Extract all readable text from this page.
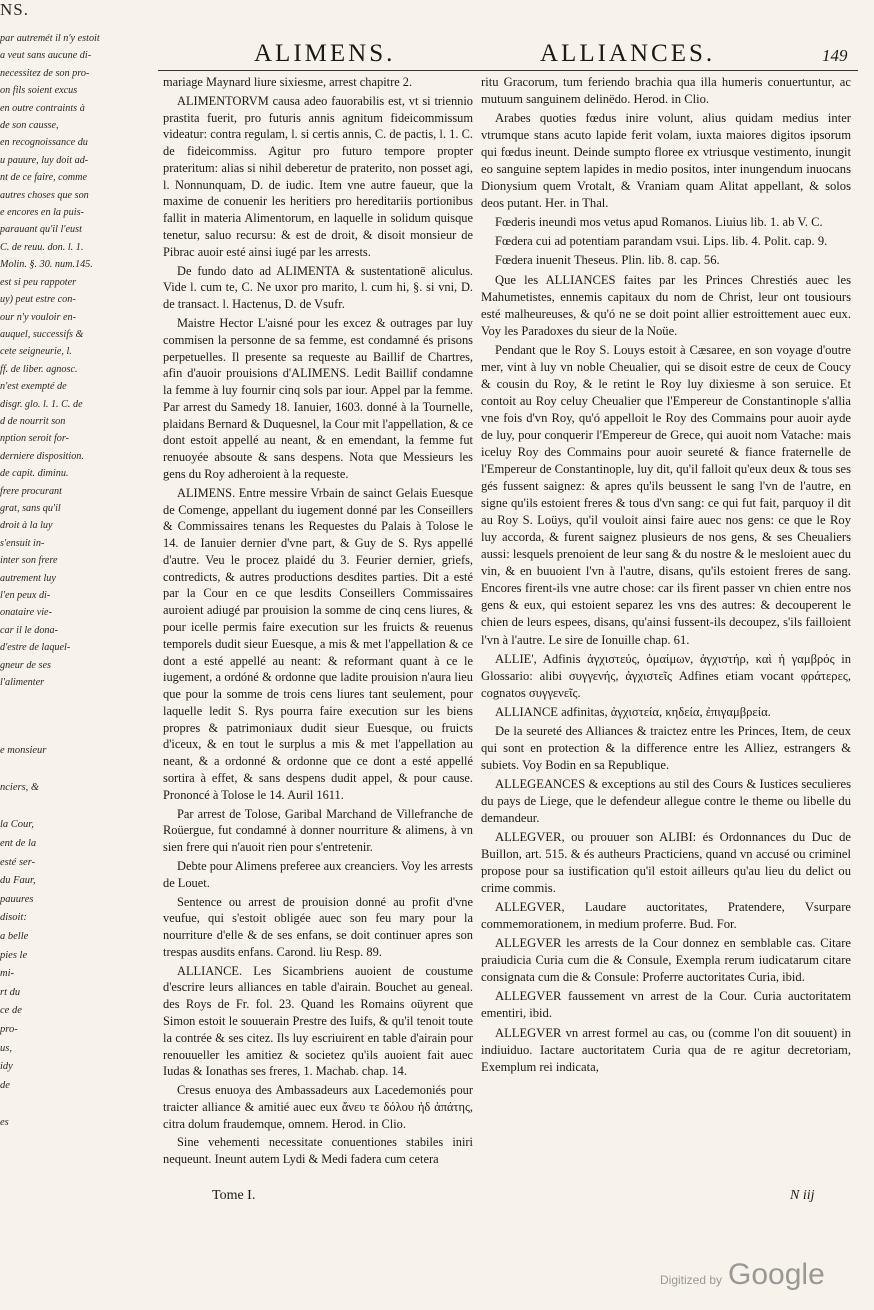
NS.
par autremét il n'y estoit
a veut sans aucune di-
necessitez de son pro-
on fils soient excus
en outre contraints à
de son causse,
en recognoissance du
u pauure, luy doit ad-
nt de ce faire, comme
autres choses que son
e encores en la puis-
parauant qu'il l'eust
C. de reuu. don. l. 1.
Molin. §. 30. num.145.
est si peu rappoter
uy) peut estre con-
our n'y vouloir en-
auquel, successifs &
cete seigneurie, l.
ff. de liber. agnosc.
n'est exempté de
disgr. glo. l. 1. C. de
d de nourrit son
nption seroit for-
derniere disposition.
de capit. diminu.
frere procurant
grat, sans qu'il
droit à la luy
s'ensuit in-
inter son frere
autrement luy
l'en peux di-
onataire vie-
car il le dona-
d'estre de laquel-
gneur de ses
l'alimenter
e monsieur

nciers, &

la Cour,
ent de la
esté ser-
du Faur,
pauures
disoit:
a belle
pies le
mi-
rt du
ce de
pro-
us,
idy
de

es
ALIMENS.	ALLIANCES.	149

mariage Maynard liure sixiesme, arrest chapitre 2.

ALIMENTORVM causa adeo fauorabilis est, vt si triennio prastita fuerit, pro futuris annis agnitum fideicommissum videatur: contra regulam, l. si certis annis, C. de pactis, l. 1. C. de fideicommiss. Agitur pro futuro tempore propter prateritum: alias si nihil deberetur de praterito, non posset agi, l. Nonnunquam, D. de iudic. Item vne autre faueur, que la maxime de conuenir les heritiers pro hereditariis portionibus fallit in materia Alimentorum, en laquelle in solidum quisque tenetur, saluo recursu: & est de droit, & disoit monsieur de Pibrac auoir esté ainsi iugé par les arrests.

De fundo dato ad ALIMENTA & sustentationē aliculus. Vide l. cum te, C. Ne uxor pro marito, l. cum hi, §. si vni, D. de transact. l. Hactenus, D. de Vsufr.

Maistre Hector L'aisné pour les excez & outrages par luy commisen la personne de sa femme, est condamné és prisons perpetuelles. Il presente sa requeste au Baillif de Chartres, afin d'auoir prouisions d'ALIMENS. Ledit Baillif condamne la femme à luy fournir cinq sols par iour. Appel par la femme. Par arrest du Samedy 18. Ianuier, 1603. donné à la Tournelle, plaidans Bernard & Duquesnel, la Cour mit l'appellation, & ce dont estoit appellé au neant, & en emendant, la femme fut renuoyée absoute & sans despens. Nota que Messieurs les gens du Roy adheroient à la requeste.

ALIMENS. Entre messire Vrbain de sainct Gelais Euesque de Comenge, appellant du iugement donné par les Conseillers & Commissaires tenans les Requestes du Palais à Tolose le 14. de Ianuier dernier d'vne part, & Guy de S. Rys appellé d'autre. Veu le procez plaidé du 3. Feurier dernier, griefs, contredicts, & autres productions desdites parties. Dit a esté par la Cour en ce que lesdits Conseillers Commissaires auroient adiugé par prouision la somme de cinq cens liures, & pour icelle permis faire execution sur les fruicts & reuenus temporels dudit sieur Euesque, a mis & met l'appellation & ce dont a esté appellé au neant: & reformant quant à ce le iugement, a ordóné & ordonne que ladite prouision n'aura lieu que pour la somme de trois cens liures tant seulement, pour laquelle ledit S. Rys pourra faire execution sur les biens propres & patrimoniaux dudit sieur Euesque, ou fruicts d'iceux, & en tout le surplus a mis & met l'appellation au neant, & a ordonné & ordonne que ce dont a esté appellé sortira à effet, & sans despens dudit appel, & pour cause. Prononcé à Tolose le 14. Auril 1611.

Par arrest de Tolose, Garibal Marchand de Villefranche de Roüergue, fut condamné à donner nourriture & alimens, à vn sien frere qui n'auoit rien pour s'entretenir.

Debte pour Alimens preferee aux creanciers. Voy les arrests de Louet.

Sentence ou arrest de prouision donné au profit d'vne veufue, qui s'estoit obligée auec son feu mary pour la nourriture d'elle & de ses enfans, se doit continuer apres son trespas ausdits enfans. Carond. liu Resp. 89.

ALLIANCE. Les Sicambriens auoient de coustume d'escrire leurs alliances en table d'airain. Bouchet au geneal. des Roys de Fr. fol. 23. Quand les Romains oüyrent que Simon estoit le souuerain Prestre des Iuifs, & qu'il tenoit toute la contrée & ses citez. Ils luy escriuirent en table d'airain pour renouueller les amitiez & societez qu'ils auoient fait auec Iudas & Ionathas ses freres, 1. Machab. chap. 14.

Cresus enuoya des Ambassadeurs aux Lacedemoniés pour traicter alliance & amitié auec eux ἄνευ τε δόλου ἠδ ἀπάτης, citra dolum fraudemque, omnem. Herod. in Clio.

Sine vehementi necessitate conuentiones stabiles iniri nequeunt. Ineunt autem Lydi & Medi fadera cum cetera

ritu Gracorum, tum feriendo brachia qua illa humeris conuertuntur, ac mutuum sanguinem delinëdo. Herod. in Clio.

Arabes quoties fœdus inire volunt, alius quidam medius inter vtrumque stans acuto lapide ferit volam, iuxta maiores digitos ipsorum qui fœdus ineunt. Deinde sumpto floree ex vtriusque vestimento, inungit eo sanguine septem lapides in medio positos, inter inungendum inuocans Dionysium quem Vrotalt, & Vraniam quam Alitat appellant, & solos deos putant. Her. in Thal.

Fœderis ineundi mos vetus apud Romanos. Liuius lib. 1. ab V. C.

Fœdera cui ad potentiam parandam vsui. Lips. lib. 4. Polit. cap. 9.

Fœdera inuenit Theseus. Plin. lib. 8. cap. 56.

Que les ALLIANCES faites par les Princes Chrestiés auec les Mahumetistes, ennemis capitaux du nom de Christ, leur ont tousiours esté malheureuses, & qu'ó ne se doit point allier estroittement auec eux. Voy les Paradoxes du sieur de la Noüe.

Pendant que le Roy S. Louys estoit à Cæsaree, en son voyage d'outre mer, vint à luy vn noble Cheualier, qui se disoit estre de ceux de Coucy & cousin du Roy, & le retint le Roy luy dixiesme à son seruice. Et contoit au Roy celuy Cheualier que l'Empereur de Constantinople s'allia vne fois d'vn Roy, qu'ó appelloit le Roy des Commains pour auoir ayde de luy, pour conquerir l'Empereur de Grece, qui auoit nom Vatache: mais iceluy Roy des Commains pour auoir seureté & fiance fraternelle de l'Empereur de Constantinople, luy dit, qu'il falloit qu'eux deux & tous ses gés fussent saignez: & apres qu'ils beussent le sang l'vn de l'autre, en signe qu'ils estoient freres & tous d'vn sang: ce qui fut fait, parquoy il dit au Roy S. Loüys, qu'il vouloit ainsi faire auec nos gens: ce que le Roy luy accorda, & furent saignez plusieurs de nos gens, & ses Cheualiers aussi: lesquels prenoient de leur sang & du nostre & le mesloient auec du vin, & en buuoient l'vn à l'autre, disans, qu'ils estoient freres de sang. Encores firent-ils vne autre chose: car ils firent passer vn chien entre nos gens & eux, qui estoient separez les vns des autres: & decouperent le chien de leurs espees, disans, qu'ainsi fussent-ils decoupez, s'ils failloient l'vn à l'autre. Le sire de Ionuille chap. 61.

ALLIE', Adfinis ἀγχιστεύς, ὁμαίμων, ἀγχιστήρ, καὶ ἡ γαμβρός in Glossario: alibi συγγενής, ἀγχιστεῖς Adfines etiam vocant φράτερες, cognatos συγγενεῖς.

ALLIANCE adfinitas, ἀγχιστεία, κηδεία, ἐπιγαμβρεία.

De la seureté des Alliances & traictez entre les Princes, Item, de ceux qui sont en protection & la difference entre les Alliez, estrangers & subiets. Voy Bodin en sa Republique.

ALLEGEANCES & exceptions au stil des Cours & Iustices seculieres du pays de Liege, que le defendeur allegue contre le theme ou libelle du demandeur.

ALLEGVER, ou prouuer son ALIBI: és Ordonnances du Duc de Buillon, art. 515. & és autheurs Practiciens, quand vn accusé ou criminel propose pour sa iustification qu'il estoit ailleurs qu'au lieu du delict ou crime commis.

ALLEGVER, Laudare auctoritates, Pratendere, Vsurpare commemorationem, in medium proferre. Bud. For.

ALLEGVER les arrests de la Cour donnez en semblable cas. Citare praiudicia Curia cum die & Consule, Exempla rerum iudicatarum citare consignata cum die & Consule: Proferre auctoritates Curia, ibid.

ALLEGVER faussement vn arrest de la Cour. Curia auctoritatem ementiri, ibid.

ALLEGVER vn arrest formel au cas, ou (comme l'on dit souuent) in indiuiduo. Iactare auctoritatem Curia qua de re agitur decretoriam, Exemplum rei indicata,

Tome I.	N iij
Digitized by Google
